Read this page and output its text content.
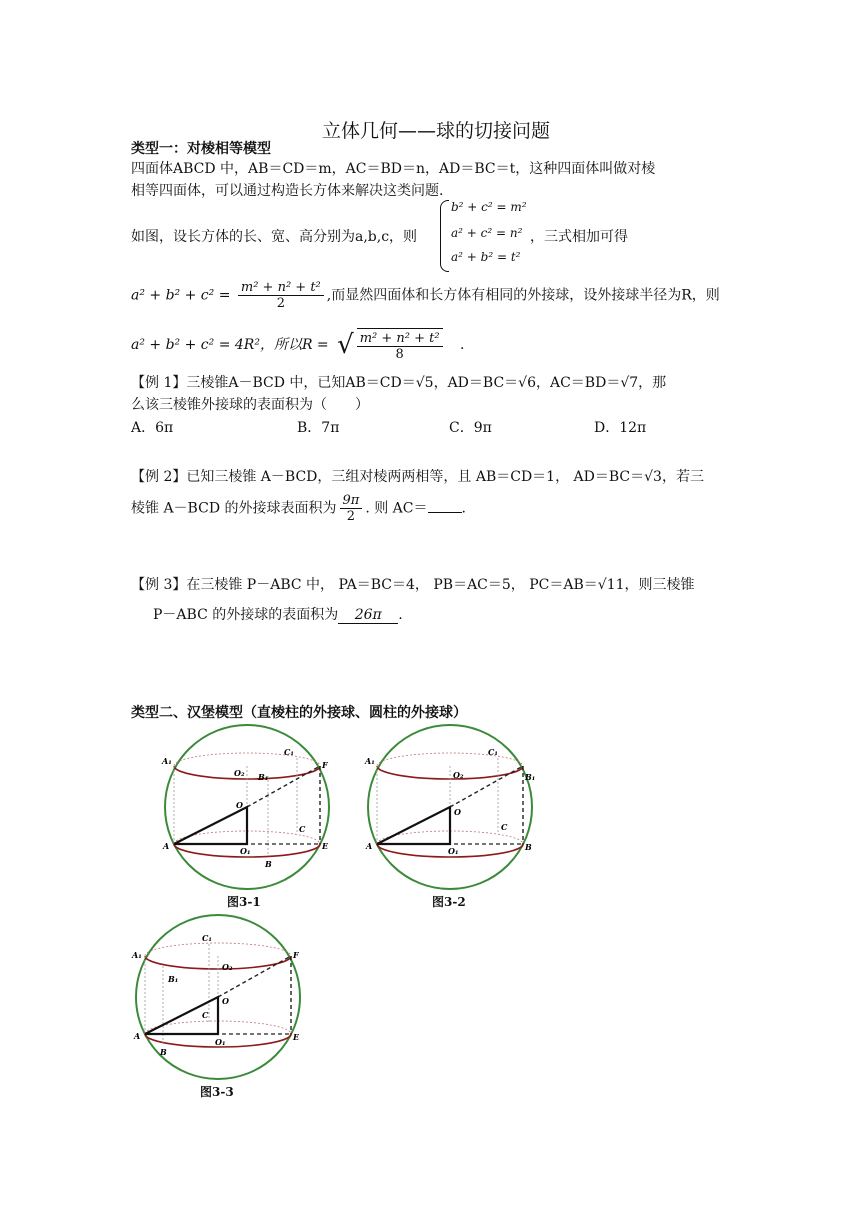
立体几何——球的切接问题
类型一：对棱相等模型
四面体ABCD 中，AB＝CD＝m，AC＝BD＝n，AD＝BC＝t，这种四面体叫做对棱
相等四面体，可以通过构造长方体来解决这类问题.
如图，设长方体的长、宽、高分别为a,b,c，则
b² + c² = m²
a² + c² = n²
a² + b² = t²
，三式相加可得
$a^2 + b^2 + c^2 = \frac{\text{m² + n² + t²}}{2}$ ,而显然四面体和长方体有相同的外接球，设外接球半径为R，则
a² + b² + c² = 4R²，所以R = √ $\frac{\text{m² + n² + t²}}{8}$ .
【例 1】三棱锥A－BCD 中，已知AB＝CD＝√5，AD＝BC＝√6，AC＝BD＝√7，那
么该三棱锥外接球的表面积为（　　）
A．6π	B．7π	C．9π	D．12π
【例 2】已知三棱锥 A－BCD，三组对棱两两相等，且 AB＝CD＝1， AD＝BC＝√3，若三
棱锥 A－BCD 的外接球表面积为 $\frac{9\pi}{2}$ . 则 AC＝ .
【例 3】在三棱锥 P－ABC 中， PA＝BC＝4， PB＝AC＝5， PC＝AB＝√11，则三棱锥
P－ABC 的外接球的表面积为 26π .
类型二、汉堡模型（直棱柱的外接球、圆柱的外接球）
A₁
O₂ B₁
C₁
F
O
C
A	O₁	E
B
图3-1
A₁
O₂
C₁
B₁
O
C
A	O₁	B
图3-2
A₁
C₁
O₂
B₁
F
O
C
A
B
O₁	E
图3-3
